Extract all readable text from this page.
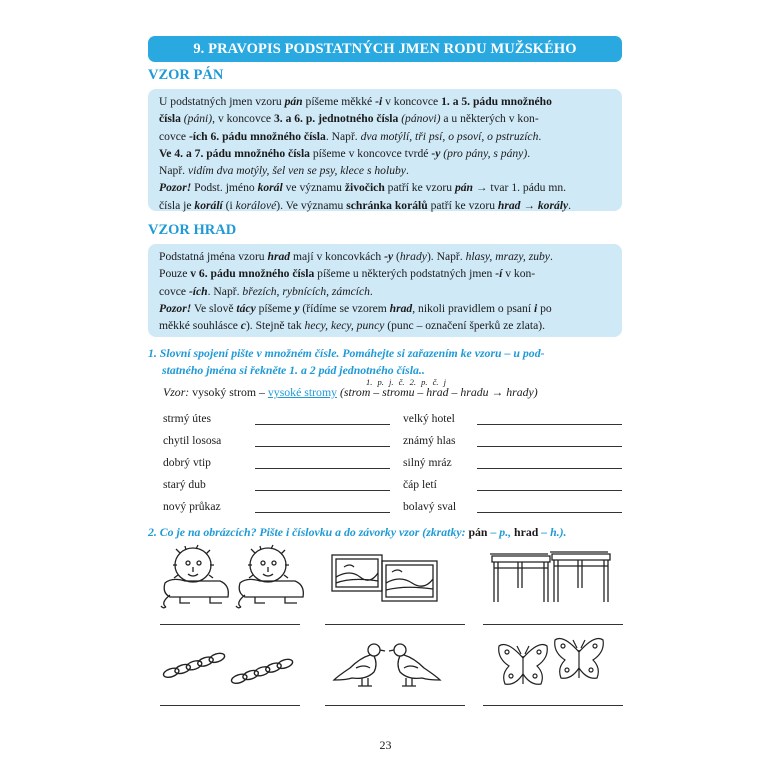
9. PRAVOPIS PODSTATNÝCH JMEN RODU MUŽSKÉHO
VZOR PÁN

U podstatných jmen vzoru pán píšeme měkké -i v koncovce 1. a 5. pádu množného

čísla (páni), v koncovce 3. a 6. p. jednotného čísla (pánovi) a u některých v kon-

covce -ích 6. pádu množného čísla. Např. dva motýlí, tři psí, o psoví, o pstruzích.

Ve 4. a 7. pádu množného čísla píšeme v koncovce tvrdé -y (pro pány, s pány).

Např. vidím dva motýly, šel ven se psy, klece s holuby.

Pozor! Podst. jméno korál ve významu živočich patří ke vzoru pán → tvar 1. pádu mn.

čísla je korálí (i korálové). Ve významu schránka korálů patří ke vzoru hrad → korály.

VZOR HRAD

Podstatná jména vzoru hrad mají v koncovkách -y (hrady). Např. hlasy, mrazy, zuby.

Pouze v 6. pádu množného čísla píšeme u některých podstatných jmen -í v kon-

covce -ích. Např. březích, rybnících, zámcích.

Pozor! Ve slově tácy píšeme y (řídíme se vzorem hrad, nikoli pravidlem o psaní i po

měkké souhlásce c). Stejně tak hecy, kecy, puncy (punc – označení šperků ze zlata).

1. Slovní spojení pište v množném čísle. Pomáhejte si zařazením ke vzoru – u pod-
statného jména si řekněte 1. a 2 pád jednotného čísla..
1. p. j. č. 2. p. č. j
Vzor: vysoký strom – vysoké stromy (strom – stromu – hrad – hradu → hrady)
strmý útes
chytil lososa
dobrý vtip
starý dub
nový průkaz
velký hotel
známý hlas
silný mráz
čáp letí
bolavý sval
2. Co je na obrázcích? Pište i číslovku a do závorky vzor (zkratky: pán – p., hrad – h.).
23
